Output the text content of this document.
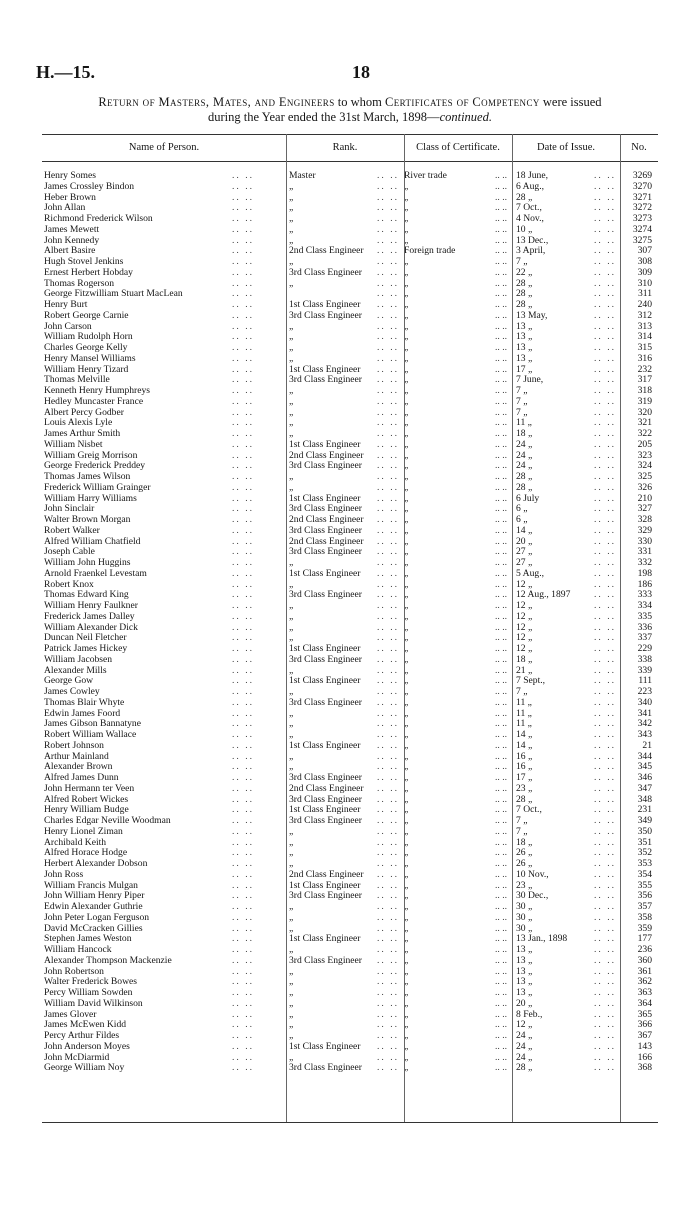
H.—15.	18
Return of Masters, Mates, and Engineers to whom Certificates of Competency were issued
during the Year ended the 31st March, 1898—continued.
Name of Person.	Rank.	Class of Certificate.	Date of Issue.	No.
Henry Somes	.. ..	Master	.. .. River trade	.. .. 18 June,	.. .. 3269
James Crossley Bindon	.. ..	„	.. .. „	.. .. 6 Aug.,	.. .. 3270
Heber Brown	.. ..	„	.. .. „	.. .. 28 „	.. .. 3271
John Allan	.. ..	„	.. .. „	.. .. 7 Oct.,	.. .. 3272
Richmond Frederick Wilson	.. ..	„	.. .. „	.. .. 4 Nov.,	.. .. 3273
James Mewett	.. ..	„	.. .. „	.. .. 10 „	.. .. 3274
John Kennedy	.. ..	„	.. .. „	.. .. 13 Dec.,	.. .. 3275
Albert Basire	.. ..	2nd Class Engineer .. .. Foreign trade	.. .. 3 April,	.. .. 307
Hugh Stovel Jenkins	.. ..	„	.. .. „	.. .. 7 „	.. .. 308
Ernest Herbert Hobday	.. ..	3rd Class Engineer .. .. „	.. .. 22 „	.. .. 309
Thomas Rogerson	.. ..	„	.. .. „	.. .. 28 „	.. .. 310
George Fitzwilliam Stuart MacLean	.. ..	.. .. „	.. .. 28 „	.. .. 311
Henry Burt	.. ..	1st Class Engineer .. .. „	.. .. 28 „	.. .. 240
Robert George Carnie	.. ..	3rd Class Engineer .. .. „	.. .. 13 May,	.. .. 312
John Carson	.. ..	„	.. .. „	.. .. 13 „	.. .. 313
William Rudolph Horn	.. ..	„	.. .. „	.. .. 13 „	.. .. 314
Charles George Kelly	.. ..	„	.. .. „	.. .. 13 „	.. .. 315
Henry Mansel Williams	.. ..	„	.. .. „	.. .. 13 „	.. .. 316
William Henry Tizard	.. ..	1st Class Engineer .. .. „	.. .. 17 „	.. .. 232
Thomas Melville	.. ..	3rd Class Engineer .. .. „	.. .. 7 June,	.. .. 317
Kenneth Henry Humphreys	.. ..	„	.. .. „	.. .. 7 „	.. .. 318
Hedley Muncaster France	.. ..	„	.. .. „	.. .. 7 „	.. .. 319
Albert Percy Godber	.. ..	„	.. .. „	.. .. 7 „	.. .. 320
Louis Alexis Lyle	.. ..	„	.. .. „	.. .. 11 „	.. .. 321
James Arthur Smith	.. ..	„	.. .. „	.. .. 18 „	.. .. 322
William Nisbet	.. ..	1st Class Engineer .. .. „	.. .. 24 „	.. .. 205
William Greig Morrison	.. ..	2nd Class Engineer .. .. „	.. .. 24 „	.. .. 323
George Frederick Preddey	.. ..	3rd Class Engineer .. .. „	.. .. 24 „	.. .. 324
Thomas James Wilson	.. ..	„	.. .. „	.. .. 28 „	.. .. 325
Frederick William Grainger	.. ..	„	.. .. „	.. .. 28 „	.. .. 326
William Harry Williams	.. ..	1st Class Engineer .. .. „	.. .. 6 July	.. .. 210
John Sinclair	.. ..	3rd Class Engineer .. .. „	.. .. 6 „	.. .. 327
Walter Brown Morgan	.. ..	2nd Class Engineer .. .. „	.. .. 6 „	.. .. 328
Robert Walker	.. ..	3rd Class Engineer .. .. „	.. .. 14 „	.. .. 329
Alfred William Chatfield	.. ..	2nd Class Engineer .. .. „	.. .. 20 „	.. .. 330
Joseph Cable	.. ..	3rd Class Engineer .. .. „	.. .. 27 „	.. .. 331
William John Huggins	.. ..	„	.. .. „	.. .. 27 „	.. .. 332
Arnold Fraenkel Levestam	.. ..	1st Class Engineer .. .. „	.. .. 5 Aug.,	.. .. 198
Robert Knox	.. ..	„	.. .. „	.. .. 12 „	.. .. 186
Thomas Edward King	.. ..	3rd Class Engineer .. .. „	.. .. 12 Aug., 1897 .. .. 333
William Henry Faulkner	.. ..	„	.. .. „	.. .. 12 „	.. .. 334
Frederick James Dalley	.. ..	„	.. .. „	.. .. 12 „	.. .. 335
William Alexander Dick	.. ..	„	.. .. „	.. .. 12 „	.. .. 336
Duncan Neil Fletcher	.. ..	„	.. .. „	.. .. 12 „	.. .. 337
Patrick James Hickey	.. ..	1st Class Engineer .. .. „	.. .. 12 „	.. .. 229
William Jacobsen	.. ..	3rd Class Engineer .. .. „	.. .. 18 „	.. .. 338
Alexander Mills	.. ..	„	.. .. „	.. .. 21 „	.. .. 339
George Gow	.. ..	1st Class Engineer .. .. „	.. .. 7 Sept.,	.. .. 111
James Cowley	.. ..	„	.. .. „	.. .. 7 „	.. .. 223
Thomas Blair Whyte	.. ..	3rd Class Engineer .. .. „	.. .. 11 „	.. .. 340
Edwin James Foord	.. ..	„	.. .. „	.. .. 11 „	.. .. 341
James Gibson Bannatyne	.. ..	„	.. .. „	.. .. 11 „	.. .. 342
Robert William Wallace	.. ..	„	.. .. „	.. .. 14 „	.. .. 343
Robert Johnson	.. ..	1st Class Engineer .. .. „	.. .. 14 „	.. ..	21
Arthur Mainland	.. ..	„	.. .. „	.. .. 16 „	.. .. 344
Alexander Brown	.. ..	„	.. .. „	.. .. 16 „	.. .. 345
Alfred James Dunn	.. ..	3rd Class Engineer .. .. „	.. .. 17 „	.. .. 346
John Hermann ter Veen	.. ..	2nd Class Engineer .. .. „	.. .. 23 „	.. .. 347
Alfred Robert Wickes	.. ..	3rd Class Engineer .. .. „	.. .. 28 „	.. .. 348
Henry William Budge	.. ..	1st Class Engineer .. .. „	.. .. 7 Oct.,	.. .. 231
Charles Edgar Neville Woodman	.. ..	3rd Class Engineer .. .. „	.. .. 7 „	.. .. 349
Henry Lionel Ziman	.. ..	„	.. .. „	.. .. 7 „	.. .. 350
Archibald Keith	.. ..	„	.. .. „	.. .. 18 „	.. .. 351
Alfred Horace Hodge	.. ..	„	.. .. „	.. .. 26 „	.. .. 352
Herbert Alexander Dobson	.. ..	„	.. .. „	.. .. 26 „	.. .. 353
John Ross	.. ..	2nd Class Engineer .. .. „	.. .. 10 Nov.,	.. .. 354
William Francis Mulgan	.. ..	1st Class Engineer .. .. „	.. .. 23 „	.. .. 355
John William Henry Piper	.. ..	3rd Class Engineer .. .. „	.. .. 30 Dec.,	.. .. 356
Edwin Alexander Guthrie	.. ..	„	.. .. „	.. .. 30 „	.. .. 357
John Peter Logan Ferguson	.. ..	„	.. .. „	.. .. 30 „	.. .. 358
David McCracken Gillies	.. ..	„	.. .. „	.. .. 30 „	.. .. 359
Stephen James Weston	.. ..	1st Class Engineer .. .. „	.. .. 13 Jan., 1898	.. .. 177
William Hancock	.. ..	„	.. .. „	.. .. 13 „	.. .. 236
Alexander Thompson Mackenzie	.. ..	3rd Class Engineer .. .. „	.. .. 13 „	.. .. 360
John Robertson	.. ..	„	.. .. „	.. .. 13 „	.. .. 361
Walter Frederick Bowes	.. ..	„	.. .. „	.. .. 13 „	.. .. 362
Percy William Sowden	.. ..	„	.. .. „	.. .. 13 „	.. .. 363
William David Wilkinson	.. ..	„	.. .. „	.. .. 20 „	.. .. 364
James Glover	.. ..	„	.. .. „	.. .. 8 Feb.,	.. .. 365
James McEwen Kidd	.. ..	„	.. .. „	.. .. 12 „	.. .. 366
Percy Arthur Fildes	.. ..	„	.. .. „	.. .. 24 „	.. .. 367
John Anderson Moyes	.. ..	1st Class Engineer .. .. „	.. .. 24 „	.. .. 143
John McDiarmid	.. ..	„	.. .. „	.. .. 24 „	.. .. 166
George William Noy	.. ..	3rd Class Engineer .. .. „	.. .. 28 „	.. .. 368
